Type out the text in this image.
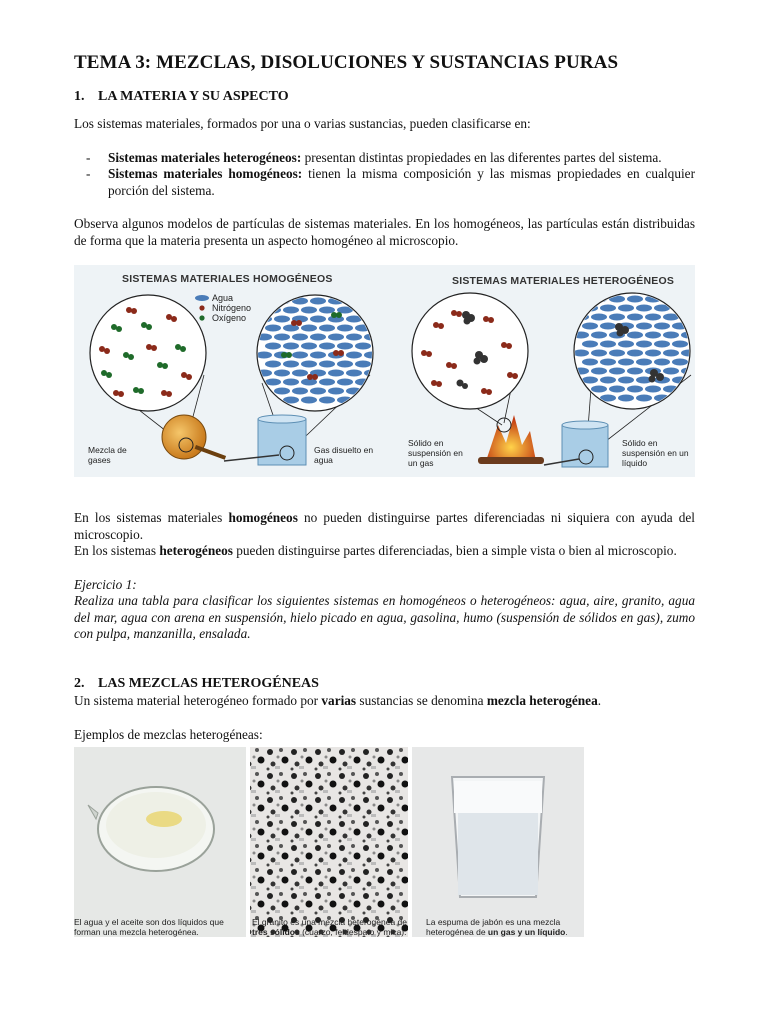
TEMA 3: MEZCLAS, DISOLUCIONES Y SUSTANCIAS PURAS
1. LA MATERIA Y SU ASPECTO

Los sistemas materiales, formados por una o varias sustancias, pueden clasificarse en:

- Sistemas materiales heterogéneos: presentan distintas propiedades en las diferentes partes del sistema.
- Sistemas materiales homogéneos: tienen la misma composición y las mismas propiedades en cualquier porción del sistema.

Observa algunos modelos de partículas de sistemas materiales. En los homogéneos, las partículas están distribuidas de forma que la materia presenta un aspecto homogéneo al microscopio.

SISTEMAS MATERIALES HOMOGÉNEOS	SISTEMAS MATERIALES HETEROGÉNEOS
Agua
Nitrógeno
Oxígeno
Mezcla de gases
Gas disuelto en agua
Sólido en suspensión en un gas
Sólido en suspensión en un líquido

En los sistemas materiales homogéneos no pueden distinguirse partes diferenciadas ni siquiera con ayuda del microscopio.

En los sistemas heterogéneos pueden distinguirse partes diferenciadas, bien a simple vista o bien al microscopio.

Ejercicio 1:

Realiza una tabla para clasificar los siguientes sistemas en homogéneos o heterogéneos: agua, aire, granito, agua del mar, agua con arena en suspensión, hielo picado en agua, gasolina, humo (suspensión de sólidos en gas), zumo con pulpa, manzanilla, ensalada.

2. LAS MEZCLAS HETEROGÉNEAS

Un sistema material heterogéneo formado por varias sustancias se denomina mezcla heterogénea.

Ejemplos de mezclas heterogéneas:

El agua y el aceite son dos líquidos que forman una mezcla heterogénea.
El granito es una mezcla heterogénea de tres sólidos (cuarzo, feldespato y mica).
La espuma de jabón es una mezcla heterogénea de un gas y un líquido.
